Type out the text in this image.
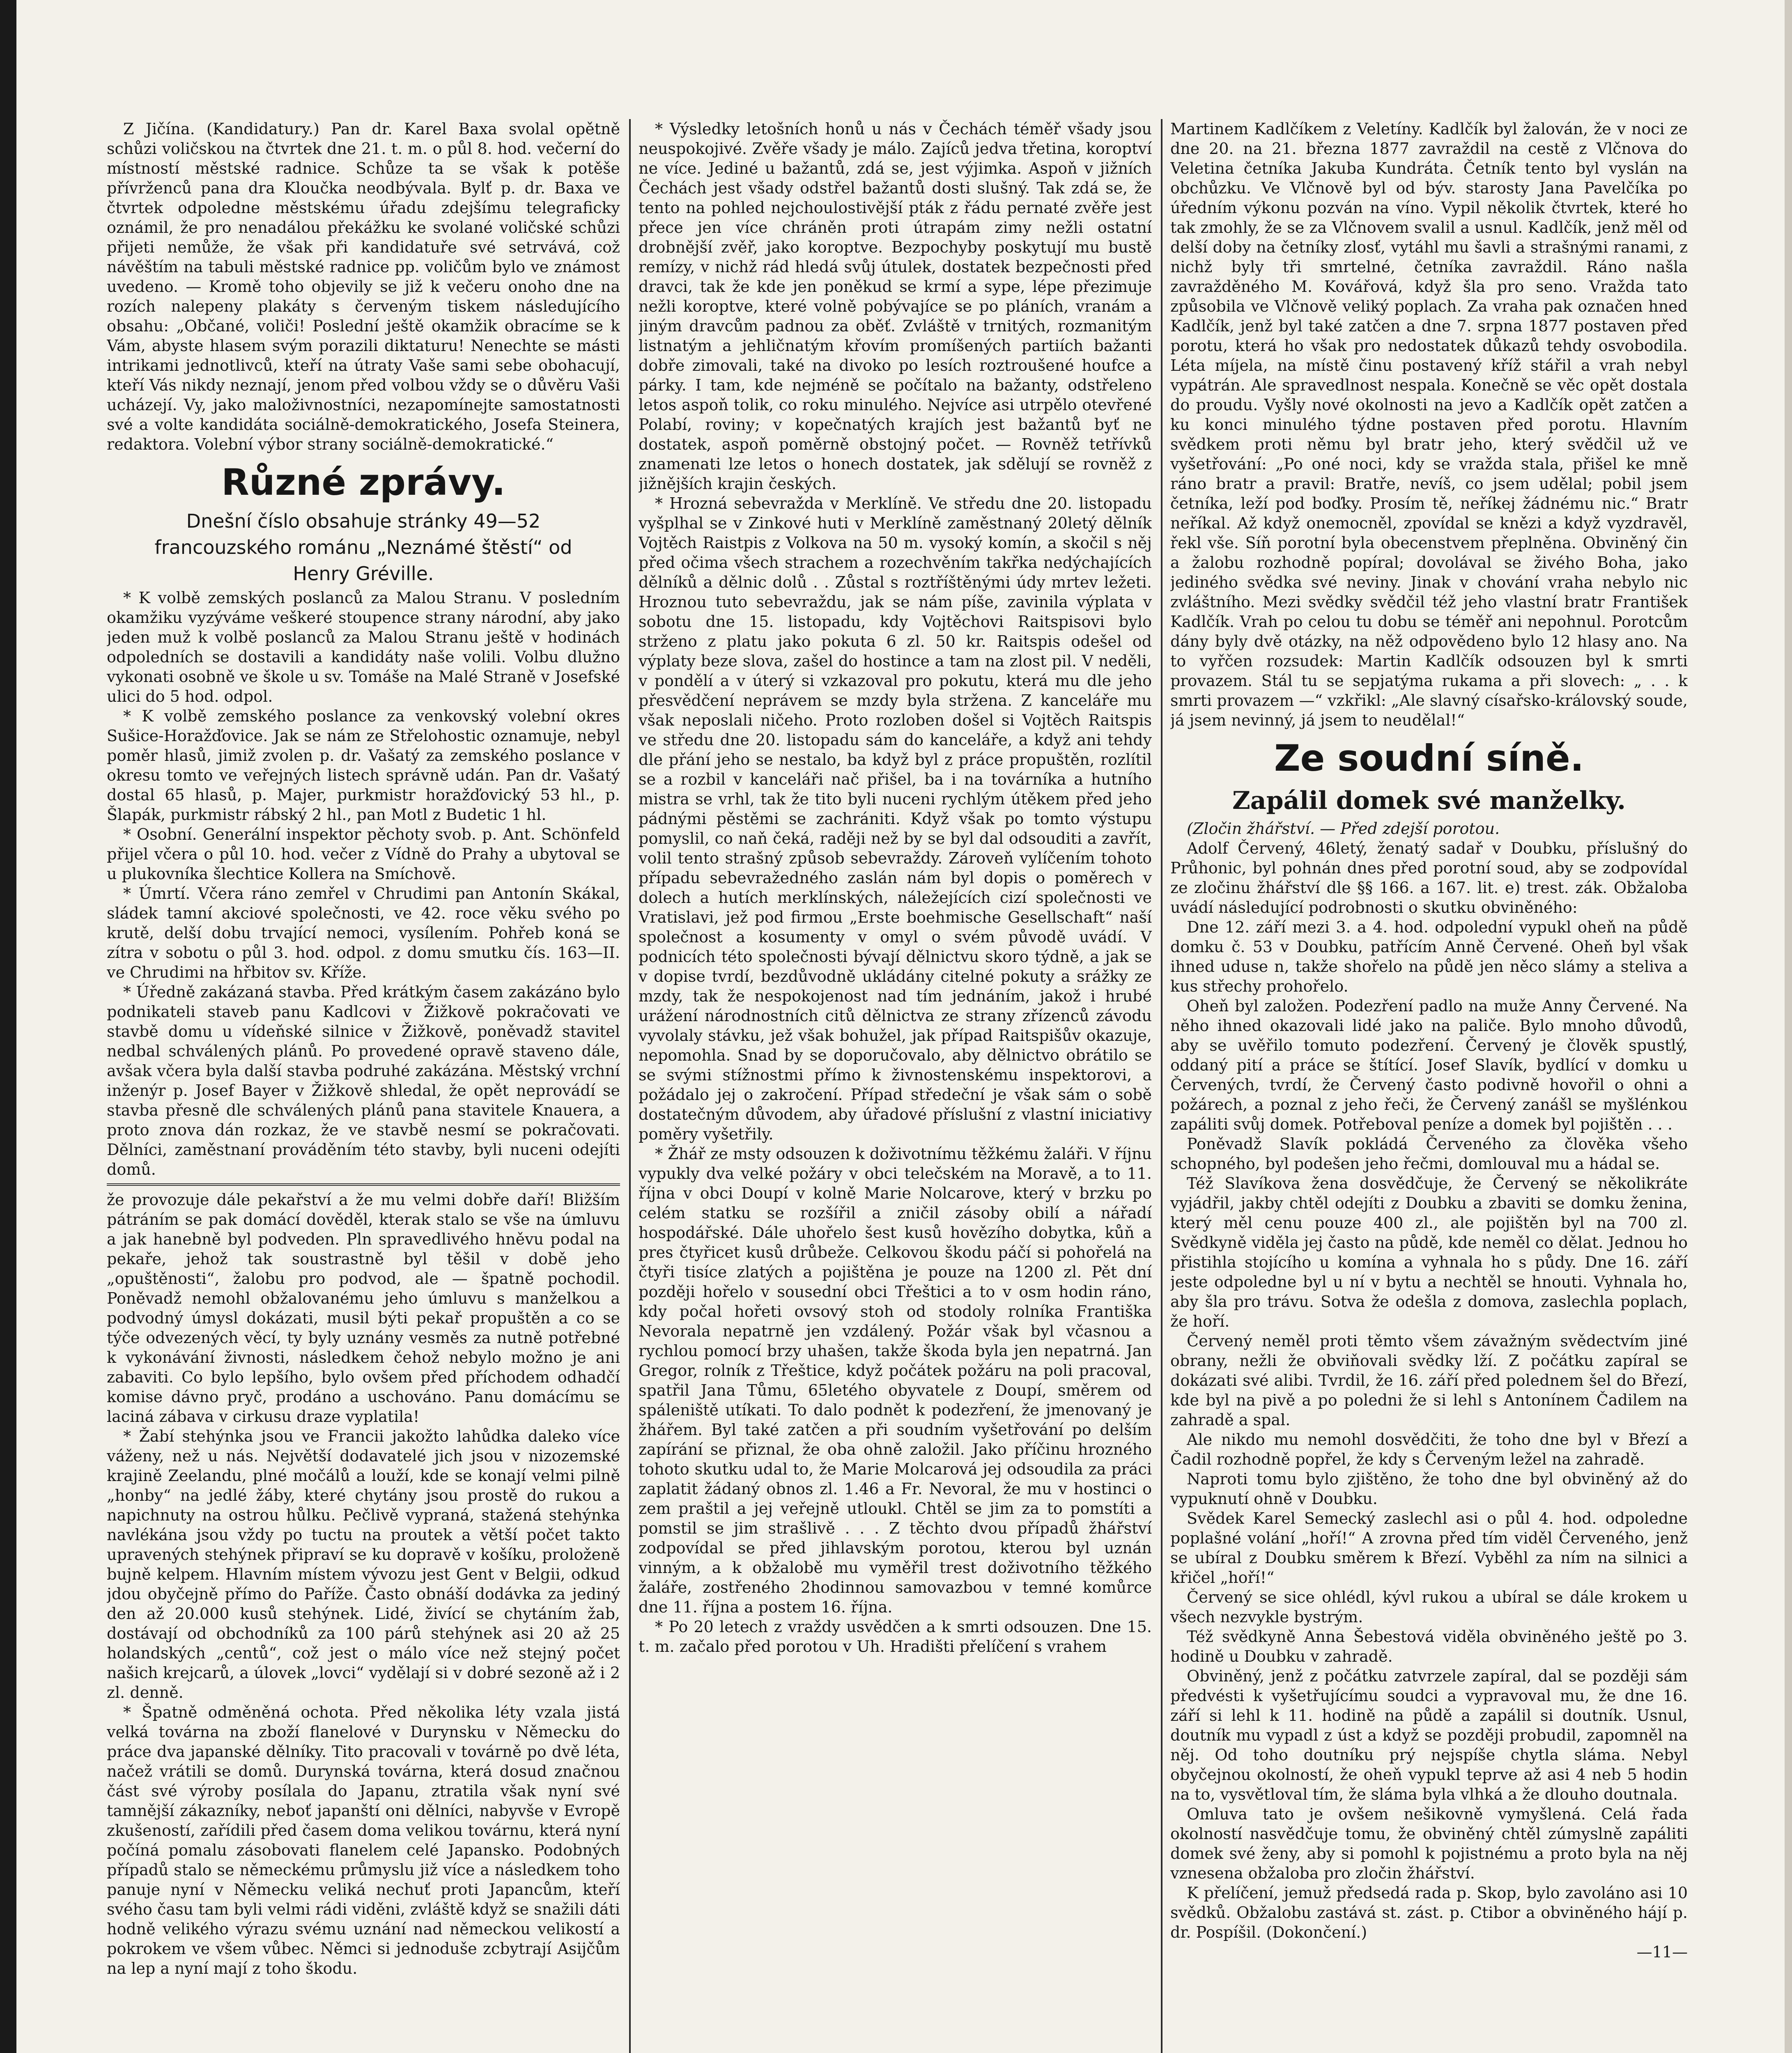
Z Jičína. (Kandidatury.) Pan dr. Karel Baxa svolal opětně schůzi voličskou na čtvrtek dne 21. t. m. o půl 8. hod. večerní do místností městské radnice. Schůze ta se však k potěše přívrženců pana dra Kloučka neodbývala. Bylť p. dr. Baxa ve čtvrtek odpoledne městskému úřadu zdejšímu telegraficky oznámil, že pro nenadálou překážku ke svolané voličské schůzi přijeti nemůže, že však při kandidatuře své setrvává, což návěštím na tabuli městské radnice pp. voličům bylo ve známost uvedeno. — Kromě toho objevily se již k večeru onoho dne na rozích nalepeny plakáty s červeným tiskem následujícího obsahu: „Občané, voliči! Poslední ještě okamžik obracíme se k Vám, abyste hlasem svým porazili diktaturu! Nenechte se másti intrikami jednotlivců, kteří na útraty Vaše sami sebe obohacují, kteří Vás nikdy neznají, jenom před volbou vždy se o důvěru Vaši ucházejí. Vy, jako maloživnostníci, nezapomínejte samostatnosti své a volte kandidáta sociálně-demokratického, Josefa Steinera, redaktora. Volební výbor strany sociálně-demokratické.“

Různé zprávy.
Dnešní číslo obsahuje stránky 49—52
francouzského románu „Neznámé štěstí“ od
Henry Gréville.

* K volbě zemských poslanců za Malou Stranu. V posledním okamžiku vyzýváme veškeré stoupence strany národní, aby jako jeden muž k volbě poslanců za Malou Stranu ještě v hodinách odpoledních se dostavili a kandidáty naše volili. Volbu dlužno vykonati osobně ve škole u sv. Tomáše na Malé Straně v Josefské ulici do 5 hod. odpol.

* K volbě zemského poslance za venkovský volební okres Sušice-Horažďovice. Jak se nám ze Střelohostic oznamuje, nebyl poměr hlasů, jimiž zvolen p. dr. Vašatý za zemského poslance v okresu tomto ve veřejných listech správně udán. Pan dr. Vašatý dostal 65 hlasů, p. Majer, purkmistr horažďovický 53 hl., p. Šlapák, purkmistr rábský 2 hl., pan Motl z Budetic 1 hl.

* Osobní. Generální inspektor pěchoty svob. p. Ant. Schönfeld přijel včera o půl 10. hod. večer z Vídně do Prahy a ubytoval se u plukovníka šlechtice Kollera na Smíchově.

* Úmrtí. Včera ráno zemřel v Chrudimi pan Antonín Skákal, sládek tamní akciové společnosti, ve 42. roce věku svého po krutě, delší dobu trvající nemoci, vysílením. Pohřeb koná se zítra v sobotu o půl 3. hod. odpol. z domu smutku čís. 163—II. ve Chrudimi na hřbitov sv. Kříže.

* Úředně zakázaná stavba. Před krátkým časem zakázáno bylo podnikateli staveb panu Kadlcovi v Žižkově pokračovati ve stavbě domu u vídeňské silnice v Žižkově, poněvadž stavitel nedbal schválených plánů. Po provedené opravě staveno dále, avšak včera byla další stavba podruhé zakázána. Městský vrchní inženýr p. Josef Bayer v Žižkově shledal, že opět neprovádí se stavba přesně dle schválených plánů pana stavitele Knauera, a proto znova dán rozkaz, že ve stavbě nesmí se pokračovati. Dělníci, zaměstnaní prováděním této stavby, byli nuceni odejíti domů.

že provozuje dále pekařství a že mu velmi dobře daří! Bližším pátráním se pak domácí dověděl, kterak stalo se vše na úmluvu a jak hanebně byl podveden. Pln spravedlivého hněvu podal na pekaře, jehož tak soustrastně byl těšil v době jeho „opuštěnosti“, žalobu pro podvod, ale — špatně pochodil. Poněvadž nemohl obžalovanému jeho úmluvu s manželkou a podvodný úmysl dokázati, musil býti pekař propuštěn a co se týče odvezených věcí, ty byly uznány vesměs za nutně potřebné k vykonávání živnosti, následkem čehož nebylo možno je ani zabaviti. Co bylo lepšího, bylo ovšem před příchodem odhadčí komise dávno pryč, prodáno a uschováno. Panu domácímu se laciná zábava v cirkusu draze vyplatila!

* Žabí stehýnka jsou ve Francii jakožto lahůdka daleko více váženy, než u nás. Největší dodavatelé jich jsou v nizozemské krajině Zeelandu, plné močálů a louží, kde se konají velmi pilně „honby“ na jedlé žáby, které chytány jsou prostě do rukou a napichnuty na ostrou hůlku. Pečlivě vypraná, stažená stehýnka navlékána jsou vždy po tuctu na proutek a větší počet takto upravených stehýnek připraví se ku dopravě v košíku, proloženě bujně kelpem. Hlavním místem vývozu jest Gent v Belgii, odkud jdou obyčejně přímo do Paříže. Často obnáší dodávka za jediný den až 20.000 kusů stehýnek. Lidé, živící se chytáním žab, dostávají od obchodníků za 100 párů stehýnek asi 20 až 25 holandských „centů“, což jest o málo více než stejný počet našich krejcarů, a úlovek „lovci“ vydělají si v dobré sezoně až i 2 zl. denně.

* Špatně odměněná ochota. Před několika léty vzala jistá velká továrna na zboží flanelové v Durynsku v Německu do práce dva japanské dělníky. Tito pracovali v továrně po dvě léta, načež vrátili se domů. Durynská továrna, která dosud značnou část své výroby posílala do Japanu, ztratila však nyní své tamnější zákazníky, neboť japanští oni dělníci, nabyvše v Evropě zkušeností, zařídili před časem doma velikou továrnu, která nyní počíná pomalu zásobovati flanelem celé Japansko. Podobných případů stalo se německému průmyslu již více a následkem toho panuje nyní v Německu veliká nechuť proti Japancům, kteří svého času tam byli velmi rádi viděni, zvláště když se snažili dáti hodně velikého výrazu svému uznání nad německou velikostí a pokrokem ve všem vůbec. Němci si jednoduše zcbytrají Asijčům na lep a nyní mají z toho škodu.

* Výsledky letošních honů u nás v Čechách téměř všady jsou neuspokojivé. Zvěře všady je málo. Zajíců jedva třetina, koroptví ne více. Jediné u bažantů, zdá se, jest výjimka. Aspoň v jižních Čechách jest všady odstřel bažantů dosti slušný. Tak zdá se, že tento na pohled nejchoulostivější pták z řádu pernaté zvěře jest přece jen více chráněn proti útrapám zimy nežli ostatní drobnější zvěř, jako koroptve. Bezpochyby poskytují mu bustě remízy, v nichž rád hledá svůj útulek, dostatek bezpečnosti před dravci, tak že kde jen poněkud se krmí a sype, lépe přezimuje nežli koroptve, které volně pobývajíce se po pláních, vranám a jiným dravcům padnou za oběť. Zvláště v trnitých, rozmanitým listnatým a jehličnatým křovím promíšených partiích bažanti dobře zimovali, také na divoko po lesích roztroušené houfce a párky. I tam, kde nejméně se počítalo na bažanty, odstřeleno letos aspoň tolik, co roku minulého. Nejvíce asi utrpělo otevřené Polabí, roviny; v kopečnatých krajích jest bažantů byť ne dostatek, aspoň poměrně obstojný počet. — Rovněž tetřívků znamenati lze letos o honech dostatek, jak sdělují se rovněž z jižnějších krajin českých.

* Hrozná sebevražda v Merklíně. Ve středu dne 20. listopadu vyšplhal se v Zinkové huti v Merklíně zaměstnaný 20letý dělník Vojtěch Raistpis z Volkova na 50 m. vysoký komín, a skočil s něj před očima všech strachem a rozechvěním takřka nedýchajících dělníků a dělnic dolů . . Zůstal s roztříštěnými údy mrtev ležeti. Hroznou tuto sebevraždu, jak se nám píše, zavinila výplata v sobotu dne 15. listopadu, kdy Vojtěchovi Raitspisovi bylo strženo z platu jako pokuta 6 zl. 50 kr. Raitspis odešel od výplaty beze slova, zašel do hostince a tam na zlost pil. V neděli, v pondělí a v úterý si vzkazoval pro pokutu, která mu dle jeho přesvědčení neprávem se mzdy byla stržena. Z kanceláře mu však neposlali ničeho. Proto rozloben došel si Vojtěch Raitspis ve středu dne 20. listopadu sám do kanceláře, a když ani tehdy dle přání jeho se nestalo, ba když byl z práce propuštěn, rozlítil se a rozbil v kanceláři nač přišel, ba i na továrníka a hutního mistra se vrhl, tak že tito byli nuceni rychlým útěkem před jeho pádnými pěstěmi se zachrániti. Když však po tomto výstupu pomyslil, co naň čeká, raději než by se byl dal odsouditi a zavřít, volil tento strašný způsob sebevraždy. Zároveň vylíčením tohoto případu sebevražedného zaslán nám byl dopis o poměrech v dolech a hutích merklínských, náležejících cizí společnosti ve Vratislavi, jež pod firmou „Erste boehmische Gesellschaft“ naší společnost a kosumenty v omyl o svém původě uvádí. V podnicích této společnosti bývají dělnictvu skoro týdně, a jak se v dopise tvrdí, bezdůvodně ukládány citelné pokuty a srážky ze mzdy, tak že nespokojenost nad tím jednáním, jakož i hrubé urážení národnostních citů dělnictva ze strany zřízenců závodu vyvolaly stávku, jež však bohužel, jak případ Raitspišův okazuje, nepomohla. Snad by se doporučovalo, aby dělnictvo obrátilo se se svými stížnostmi přímo k živnostenskému inspektorovi, a požádalo jej o zakročení. Případ středeční je však sám o sobě dostatečným důvodem, aby úřadové příslušní z vlastní iniciativy poměry vyšetřily.

* Žhář ze msty odsouzen k doživotnímu těžkému žaláři. V říjnu vypukly dva velké požáry v obci telečském na Moravě, a to 11. října v obci Doupí v kolně Marie Nolcarove, který v brzku po celém statku se rozšířil a zničil zásoby obilí a nářadí hospodářské. Dále uhořelo šest kusů hovězího dobytka, kůň a pres čtyřicet kusů drůbeže. Celkovou škodu páčí si pohořelá na čtyři tisíce zlatých a pojištěna je pouze na 1200 zl. Pět dní později hořelo v sousední obci Třeštici a to v osm hodin ráno, kdy počal hořeti ovsový stoh od stodoly rolníka Františka Nevorala nepatrně jen vzdálený. Požár však byl včasnou a rychlou pomocí brzy uhašen, takže škoda byla jen nepatrná. Jan Gregor, rolník z Třeštice, když počátek požáru na poli pracoval, spatřil Jana Tůmu, 65letého obyvatele z Doupí, směrem od spáleniště utíkati. To dalo podnět k podezření, že jmenovaný je žhářem. Byl také zatčen a při soudním vyšetřování po delším zapírání se přiznal, že oba ohně založil. Jako příčinu hrozného tohoto skutku udal to, že Marie Molcarová jej odsoudila za práci zaplatit žádaný obnos zl. 1.46 a Fr. Nevoral, že mu v hostinci o zem praštil a jej veřejně utloukl. Chtěl se jim za to pomstíti a pomstil se jim strašlivě . . . Z těchto dvou případů žhářství zodpovídal se před jihlavským porotou, kterou byl uznán vinným, a k obžalobě mu vyměřil trest doživotního těžkého žaláře, zostřeného 2hodinnou samovazbou v temné komůrce dne 11. října a postem 16. října.

* Po 20 letech z vraždy usvědčen a k smrti odsouzen. Dne 15. t. m. začalo před porotou v Uh. Hradišti přelíčení s vrahem

Martinem Kadlčíkem z Veletíny. Kadlčík byl žalován, že v noci ze dne 20. na 21. března 1877 zavraždil na cestě z Vlčnova do Veletina četníka Jakuba Kundráta. Četník tento byl vyslán na obchůzku. Ve Vlčnově byl od býv. starosty Jana Pavelčíka po úředním výkonu pozván na víno. Vypil několik čtvrtek, které ho tak zmohly, že se za Vlčnovem svalil a usnul. Kadlčík, jenž měl od delší doby na četníky zlosť, vytáhl mu šavli a strašnými ranami, z nichž byly tři smrtelné, četníka zavraždil. Ráno našla zavražděného M. Kovářová, když šla pro seno. Vražda tato způsobila ve Vlčnově veliký poplach. Za vraha pak označen hned Kadlčík, jenž byl také zatčen a dne 7. srpna 1877 postaven před porotu, která ho však pro nedostatek důkazů tehdy osvobodila. Léta míjela, na místě činu postavený kříž stářil a vrah nebyl vypátrán. Ale spravedlnost nespala. Konečně se věc opět dostala do proudu. Vyšly nové okolnosti na jevo a Kadlčík opět zatčen a ku konci minulého týdne postaven před porotu. Hlavním svědkem proti němu byl bratr jeho, který svědčil už ve vyšetřování: „Po oné noci, kdy se vražda stala, přišel ke mně ráno bratr a pravil: Bratře, nevíš, co jsem udělal; pobil jsem četníka, leží pod boďky. Prosím tě, neříkej žádnému nic.“ Bratr neříkal. Až když onemocněl, zpovídal se knězi a když vyzdravěl, řekl vše. Síň porotní byla obecenstvem přeplněna. Obviněný čin a žalobu rozhodně popíral; dovolával se živého Boha, jako jediného svědka své neviny. Jinak v chování vraha nebylo nic zvláštního. Mezi svědky svědčil též jeho vlastní bratr František Kadlčík. Vrah po celou tu dobu se téměř ani nepohnul. Porotcům dány byly dvě otázky, na něž odpovědeno bylo 12 hlasy ano. Na to vyřčen rozsudek: Martin Kadlčík odsouzen byl k smrti provazem. Stál tu se sepjatýma rukama a při slovech: „ . . k smrti provazem —“ vzkřikl: „Ale slavný císařsko-královský soude, já jsem nevinný, já jsem to neudělal!“

Ze soudní síně.
Zapálil domek své manželky.

(Zločin žhářství. — Před zdejší porotou.

Adolf Červený, 46letý, ženatý sadař v Doubku, příslušný do Průhonic, byl pohnán dnes před porotní soud, aby se zodpovídal ze zločinu žhářství dle §§ 166. a 167. lit. e) trest. zák. Obžaloba uvádí následující podrobnosti o skutku obviněného:

Dne 12. září mezi 3. a 4. hod. odpolední vypukl oheň na půdě domku č. 53 v Doubku, patřícím Anně Červené. Oheň byl však ihned uduse n, takže shořelo na půdě jen něco slámy a steliva a kus střechy prohořelo.

Oheň byl založen. Podezření padlo na muže Anny Červené. Na něho ihned okazovali lidé jako na paliče. Bylo mnoho důvodů, aby se uvěřilo tomuto podezření. Červený je člověk spustlý, oddaný pití a práce se štítící. Josef Slavík, bydlící v domku u Červených, tvrdí, že Červený často podivně hovořil o ohni a požárech, a poznal z jeho řeči, že Červený zanášl se myšlénkou zapáliti svůj domek. Potřeboval peníze a domek byl pojištěn . . .

Poněvadž Slavík pokládá Červeného za člověka všeho schopného, byl podešen jeho řečmi, domlouval mu a hádal se.

Též Slavíkova žena dosvědčuje, že Červený se několikráte vyjádřil, jakby chtěl odejíti z Doubku a zbaviti se domku ženina, který měl cenu pouze 400 zl., ale pojištěn byl na 700 zl. Svědkyně viděla jej často na půdě, kde neměl co dělat. Jednou ho přistihla stojícího u komína a vyhnala ho s půdy. Dne 16. září jeste odpoledne byl u ní v bytu a nechtěl se hnouti. Vyhnala ho, aby šla pro trávu. Sotva že odešla z domova, zaslechla poplach, že hoří.

Červený neměl proti těmto všem závažným svědectvím jiné obrany, nežli že obviňovali svědky lží. Z počátku zapíral se dokázati své alibi. Tvrdil, že 16. září před polednem šel do Březí, kde byl na pivě a po poledni že si lehl s Antonínem Čadilem na zahradě a spal.

Ale nikdo mu nemohl dosvědčiti, že toho dne byl v Březí a Čadil rozhodně popřel, že kdy s Červeným ležel na zahradě.

Naproti tomu bylo zjištěno, že toho dne byl obviněný až do vypuknutí ohně v Doubku.

Svědek Karel Semecký zaslechl asi o půl 4. hod. odpoledne poplašné volání „hoří!“ A zrovna před tím viděl Červeného, jenž se ubíral z Doubku směrem k Březí. Vyběhl za ním na silnici a křičel „hoří!“

Červený se sice ohlédl, kývl rukou a ubíral se dále krokem u všech nezvykle bystrým.

Též svědkyně Anna Šebestová viděla obviněného ještě po 3. hodině u Doubku v zahradě.

Obviněný, jenž z počátku zatvrzele zapíral, dal se později sám předvésti k vyšetřujícímu soudci a vypravoval mu, že dne 16. září si lehl k 11. hodině na půdě a zapálil si doutník. Usnul, doutník mu vypadl z úst a když se později probudil, zapomněl na něj. Od toho doutníku prý nejspíše chytla sláma. Nebyl obyčejnou okolností, že oheň vypukl teprve až asi 4 neb 5 hodin na to, vysvětloval tím, že sláma byla vlhká a že dlouho doutnala.

Omluva tato je ovšem nešikovně vymyšlená. Celá řada okolností nasvědčuje tomu, že obviněný chtěl zúmyslně zapáliti domek své ženy, aby si pomohl k pojistnému a proto byla na něj vznesena obžaloba pro zločin žhářství.

K přelíčení, jemuž předsedá rada p. Skop, bylo zavoláno asi 10 svědků. Obžalobu zastává st. zást. p. Ctibor a obviněného hájí p. dr. Pospíšil. (Dokončení.)

—11—
